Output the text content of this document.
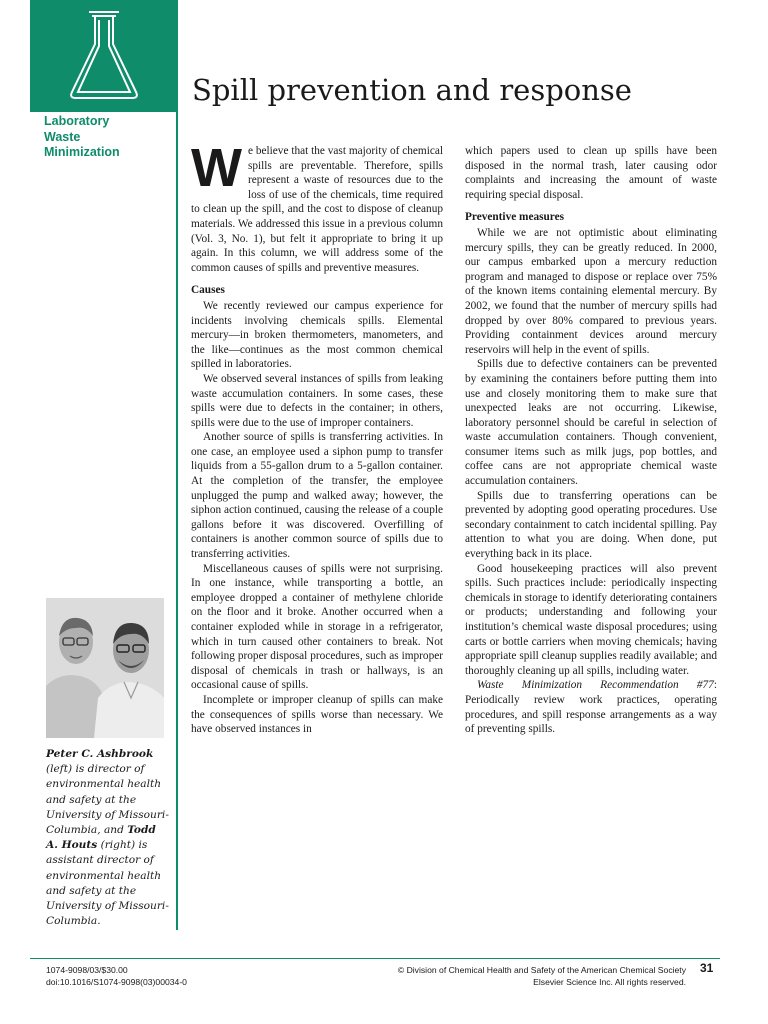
Laboratory
Waste
Minimization
Spill prevention and response

We believe that the vast majority of chemical spills are preventable. Therefore, spills represent a waste of resources due to the loss of use of the chemicals, time required to clean up the spill, and the cost to dispose of cleanup materials. We addressed this issue in a previous column (Vol. 3, No. 1), but felt it appropriate to bring it up again. In this column, we will address some of the common causes of spills and preventive measures.

Causes

We recently reviewed our campus experience for incidents involving chemicals spills. Elemental mercury—in broken thermometers, manometers, and the like—continues as the most common chemical spilled in laboratories.

We observed several instances of spills from leaking waste accumulation containers. In some cases, these spills were due to defects in the container; in others, spills were due to the use of improper containers.

Another source of spills is transferring activities. In one case, an employee used a siphon pump to transfer liquids from a 55-gallon drum to a 5-gallon container. At the completion of the transfer, the employee unplugged the pump and walked away; however, the siphon action continued, causing the release of a couple gallons before it was discovered. Overfilling of containers is another common source of spills due to transferring activities.

Miscellaneous causes of spills were not surprising. In one instance, while transporting a bottle, an employee dropped a container of methylene chloride on the floor and it broke. Another occurred when a container exploded while in storage in a refrigerator, which in turn caused other containers to break. Not following proper disposal procedures, such as improper disposal of chemicals in trash or hallways, is an occasional cause of spills.

Incomplete or improper cleanup of spills can make the consequences of spills worse than necessary. We have observed instances in

which papers used to clean up spills have been disposed in the normal trash, later causing odor complaints and increasing the amount of waste requiring special disposal.

Preventive measures

While we are not optimistic about eliminating mercury spills, they can be greatly reduced. In 2000, our campus embarked upon a mercury reduction program and managed to dispose or replace over 75% of the known items containing elemental mercury. By 2002, we found that the number of mercury spills had dropped by over 80% compared to previous years. Providing containment devices around mercury reservoirs will help in the event of spills.

Spills due to defective containers can be prevented by examining the containers before putting them into use and closely monitoring them to make sure that unexpected leaks are not occurring. Likewise, laboratory personnel should be careful in selection of waste accumulation containers. Though convenient, consumer items such as milk jugs, pop bottles, and coffee cans are not appropriate chemical waste accumulation containers.

Spills due to transferring operations can be prevented by adopting good operating procedures. Use secondary containment to catch incidental spilling. Pay attention to what you are doing. When done, put everything back in its place.

Good housekeeping practices will also prevent spills. Such practices include: periodically inspecting chemicals in storage to identify deteriorating containers or products; understanding and following your institution’s chemical waste disposal procedures; using carts or bottle carriers when moving chemicals; having appropriate spill cleanup supplies readily available; and thoroughly cleaning up all spills, including water.

Waste Minimization Recommendation #77: Periodically review work practices, operating procedures, and spill response arrangements as a way of preventing spills.

Peter C. Ashbrook (left) is director of environmental health and safety at the University of Missouri-Columbia, and Todd A. Houts (right) is assistant director of environmental health and safety at the University of Missouri-Columbia.
1074-9098/03/$30.00
doi:10.1016/S1074-9098(03)00034-0
© Division of Chemical Health and Safety of the American Chemical Society
Elsevier Science Inc. All rights reserved.
31
